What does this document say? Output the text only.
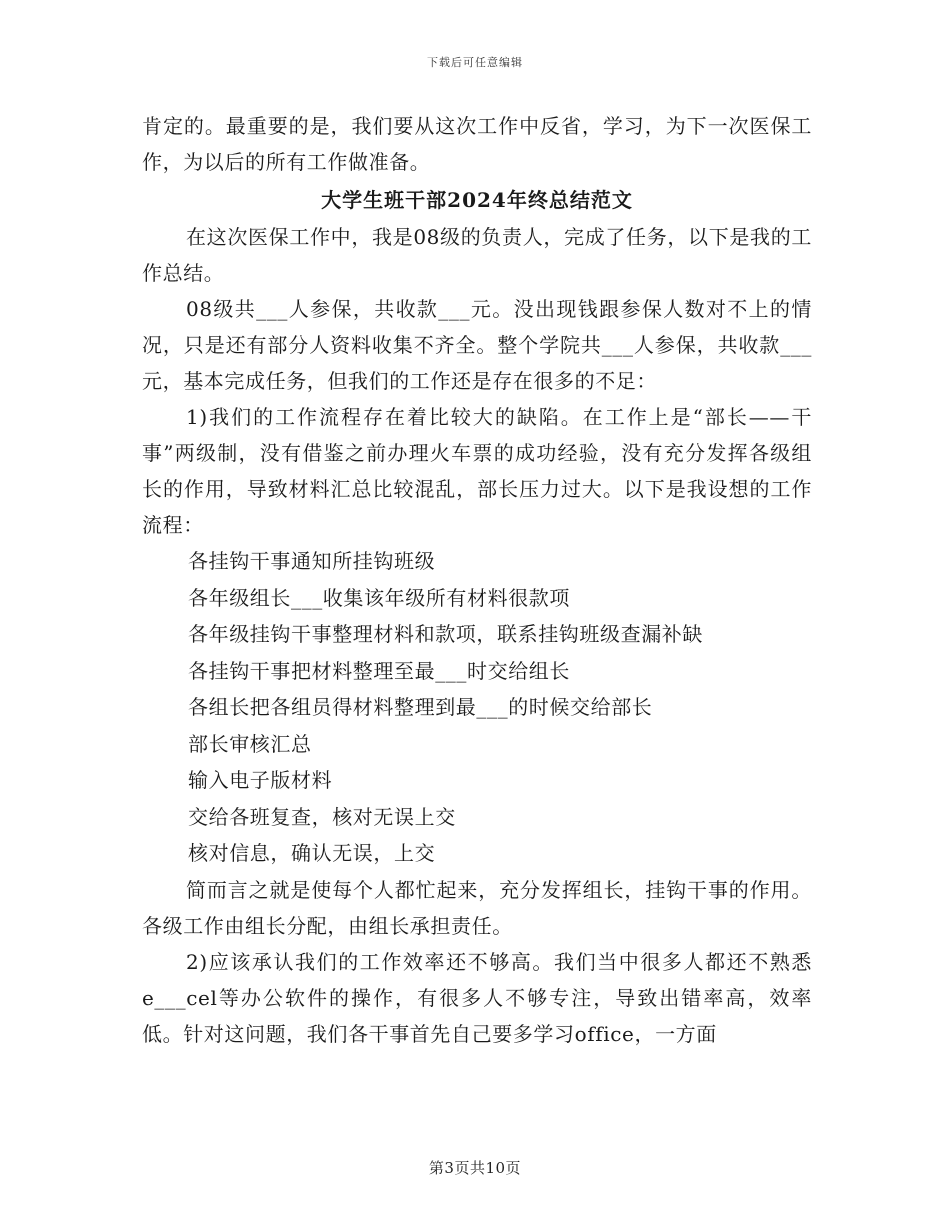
下载后可任意编辑

肯定的。最重要的是，我们要从这次工作中反省，学习，为下一次医保工作，为以后的所有工作做准备。

大学生班干部2024年终总结范文

在这次医保工作中，我是08级的负责人，完成了任务，以下是我的工作总结。

08级共___人参保，共收款___元。没出现钱跟参保人数对不上的情况，只是还有部分人资料收集不齐全。整个学院共___人参保，共收款___元，基本完成任务，但我们的工作还是存在很多的不足：

1)我们的工作流程存在着比较大的缺陷。在工作上是“部长——干事”两级制，没有借鉴之前办理火车票的成功经验，没有充分发挥各级组长的作用，导致材料汇总比较混乱，部长压力过大。以下是我设想的工作流程：

各挂钩干事通知所挂钩班级

各年级组长___收集该年级所有材料很款项

各年级挂钩干事整理材料和款项，联系挂钩班级查漏补缺

各挂钩干事把材料整理至最___时交给组长

各组长把各组员得材料整理到最___的时候交给部长

部长审核汇总

输入电子版材料

交给各班复查，核对无误上交

核对信息，确认无误，上交

简而言之就是使每个人都忙起来，充分发挥组长，挂钩干事的作用。各级工作由组长分配，由组长承担责任。

2)应该承认我们的工作效率还不够高。我们当中很多人都还不熟悉e___cel等办公软件的操作，有很多人不够专注，导致出错率高，效率低。针对这问题，我们各干事首先自己要多学习office，一方面

第3页共10页
